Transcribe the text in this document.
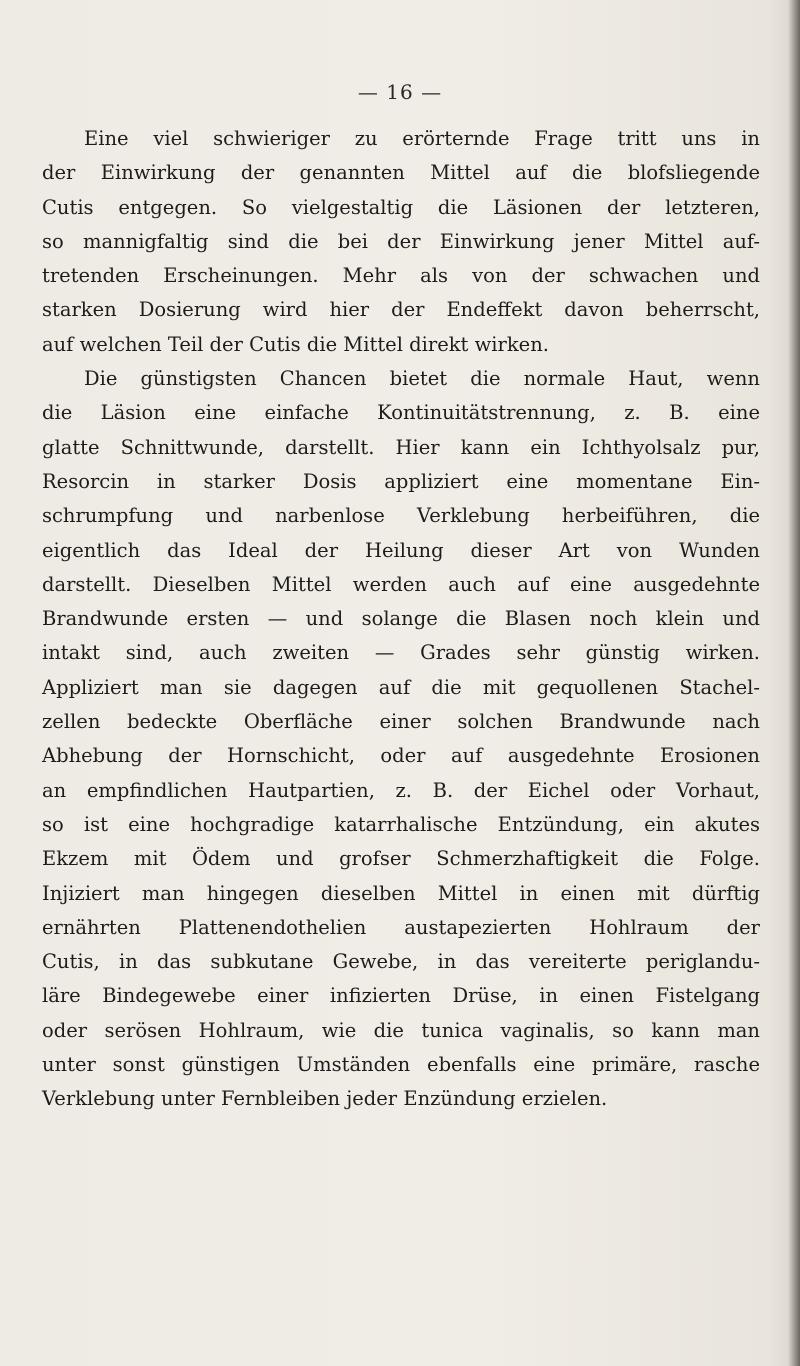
— 16 —
Eine viel schwieriger zu erörternde Frage tritt uns in
der Einwirkung der genannten Mittel auf die blofsliegende
Cutis entgegen. So vielgestaltig die Läsionen der letzteren,
so mannigfaltig sind die bei der Einwirkung jener Mittel auf-
tretenden Erscheinungen. Mehr als von der schwachen und
starken Dosierung wird hier der Endeffekt davon beherrscht,
auf welchen Teil der Cutis die Mittel direkt wirken.
Die günstigsten Chancen bietet die normale Haut, wenn
die Läsion eine einfache Kontinuitätstrennung, z. B. eine
glatte Schnittwunde, darstellt. Hier kann ein Ichthyolsalz pur,
Resorcin in starker Dosis appliziert eine momentane Ein-
schrumpfung und narbenlose Verklebung herbeiführen, die
eigentlich das Ideal der Heilung dieser Art von Wunden
darstellt. Dieselben Mittel werden auch auf eine ausgedehnte
Brandwunde ersten — und solange die Blasen noch klein und
intakt sind, auch zweiten — Grades sehr günstig wirken.
Appliziert man sie dagegen auf die mit gequollenen Stachel-
zellen bedeckte Oberfläche einer solchen Brandwunde nach
Abhebung der Hornschicht, oder auf ausgedehnte Erosionen
an empfindlichen Hautpartien, z. B. der Eichel oder Vorhaut,
so ist eine hochgradige katarrhalische Entzündung, ein akutes
Ekzem mit Ödem und grofser Schmerzhaftigkeit die Folge.
Injiziert man hingegen dieselben Mittel in einen mit dürftig
ernährten Plattenendothelien austapezierten Hohlraum der
Cutis, in das subkutane Gewebe, in das vereiterte periglandu-
läre Bindegewebe einer infizierten Drüse, in einen Fistelgang
oder serösen Hohlraum, wie die tunica vaginalis, so kann man
unter sonst günstigen Umständen ebenfalls eine primäre, rasche
Verklebung unter Fernbleiben jeder Enzündung erzielen.
